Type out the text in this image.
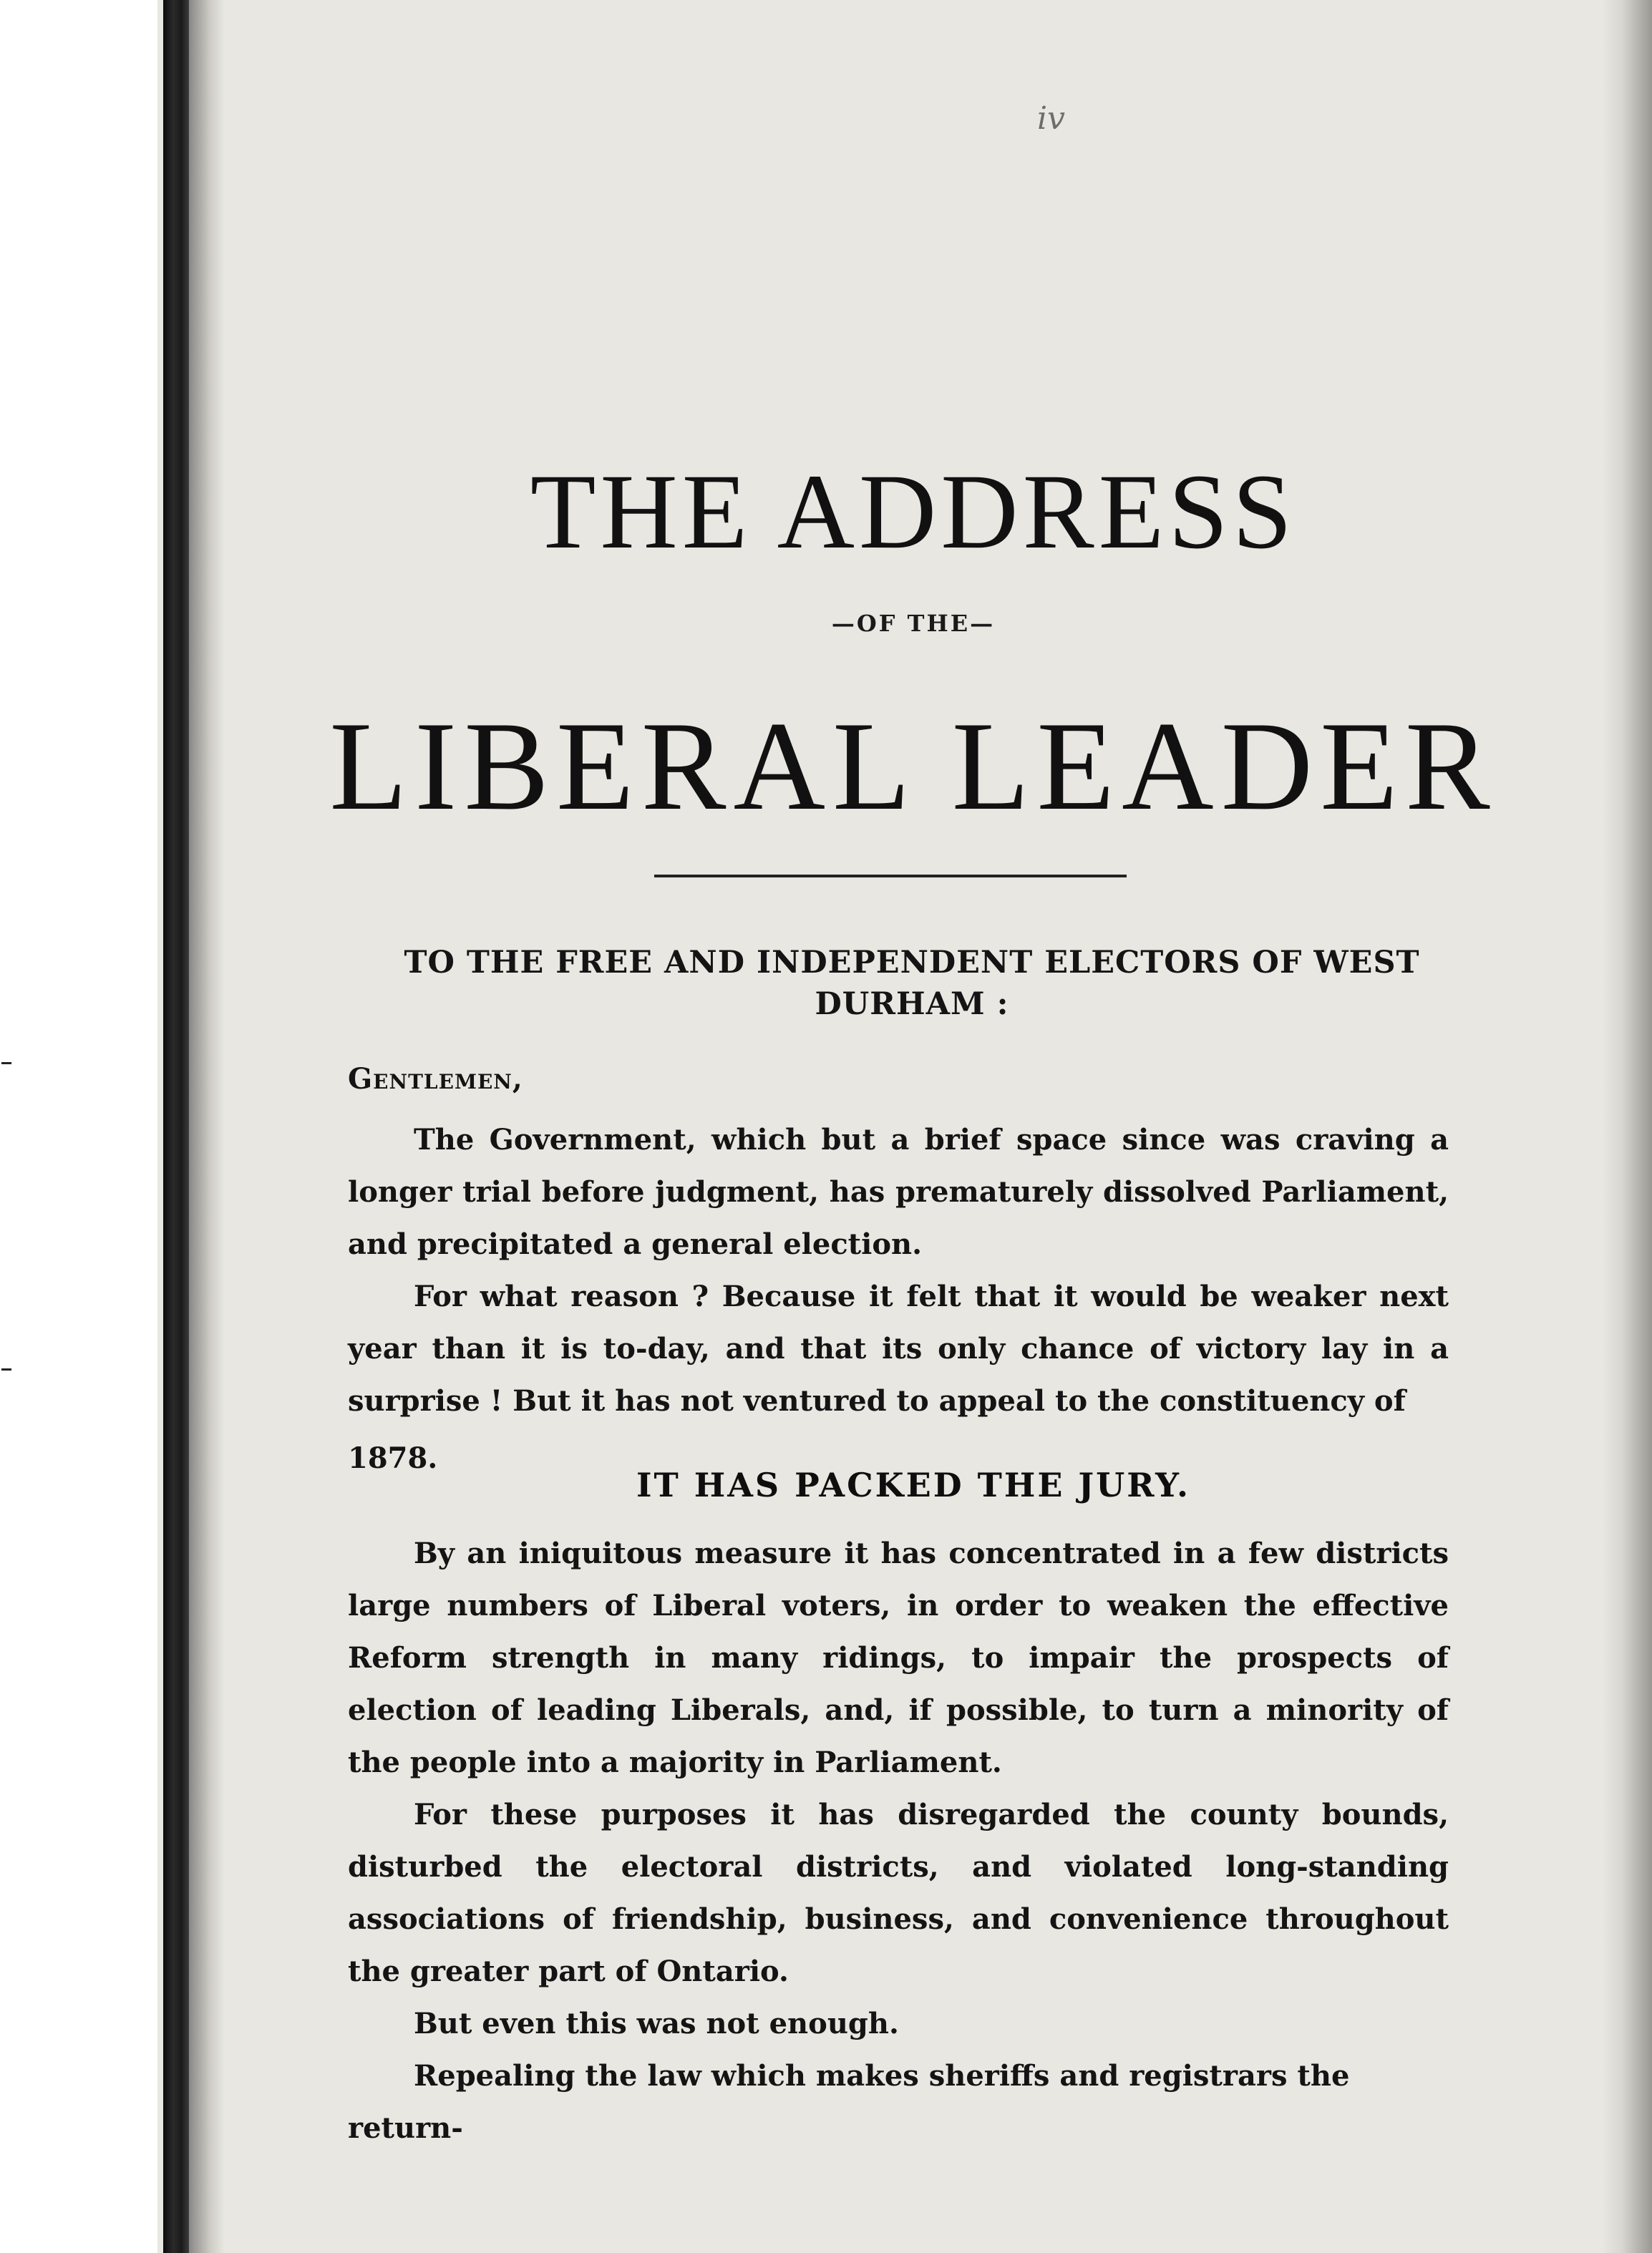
iv
THE ADDRESS
—OF THE—
LIBERAL LEADER
TO THE FREE AND INDEPENDENT ELECTORS OF WEST DURHAM :
Gentlemen,

The Government, which but a brief space since was craving a longer trial before judgment, has prematurely dissolved Parliament, and precipitated a general election.

For what reason ? Because it felt that it would be weaker next year than it is to-day, and that its only chance of victory lay in a surprise ! But it has not ventured to appeal to the constituency of

1878.
IT HAS PACKED THE JURY.

By an iniquitous measure it has concentrated in a few districts large numbers of Liberal voters, in order to weaken the effective Reform strength in many ridings, to impair the prospects of election of leading Liberals, and, if possible, to turn a minority of the people into a majority in Parliament.

For these purposes it has disregarded the county bounds, disturbed the electoral districts, and violated long-standing associations of friendship, business, and convenience throughout the greater part of Ontario.

But even this was not enough.

Repealing the law which makes sheriffs and registrars the return-
